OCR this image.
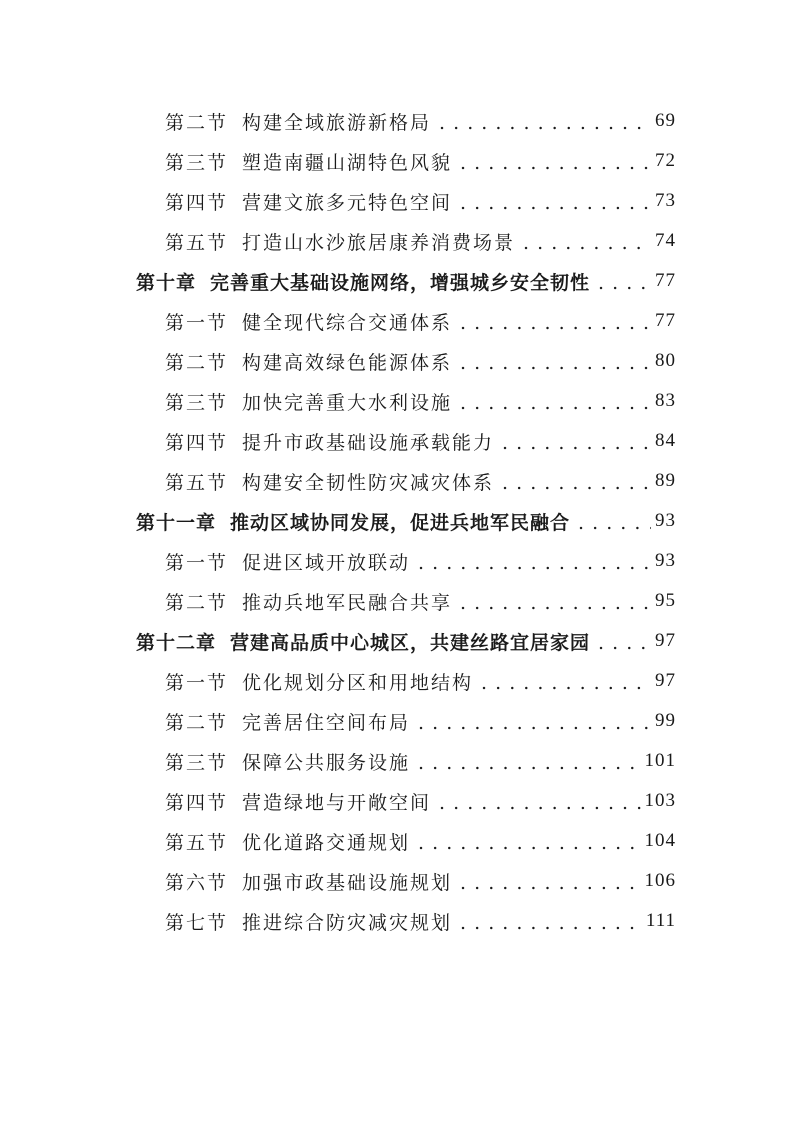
第二节 构建全域旅游新格局 . . .	69
第三节 塑造南疆山湖特色风貌 . . .	72
第四节 营建文旅多元特色空间 . . .	73
第五节 打造山水沙旅居康养消费场景 . . .	74
第十章 完善重大基础设施网络，增强城乡安全韧性 . . .	77
第一节 健全现代综合交通体系 . . .	77
第二节 构建高效绿色能源体系 . . .	80
第三节 加快完善重大水利设施 . . .	83
第四节 提升市政基础设施承载能力 . . .	84
第五节 构建安全韧性防灾减灾体系 . . .	89
第十一章 推动区域协同发展，促进兵地军民融合 . . .	93
第一节 促进区域开放联动 . . .	93
第二节 推动兵地军民融合共享 . . .	95
第十二章 营建高品质中心城区，共建丝路宜居家园 . . .	97
第一节 优化规划分区和用地结构 . . .	97
第二节 完善居住空间布局 . . .	99
第三节 保障公共服务设施 . . .	101
第四节 营造绿地与开敞空间 . . .	103
第五节 优化道路交通规划 . . .	104
第六节 加强市政基础设施规划 . . .	106
第七节 推进综合防灾减灾规划 . . .	111
